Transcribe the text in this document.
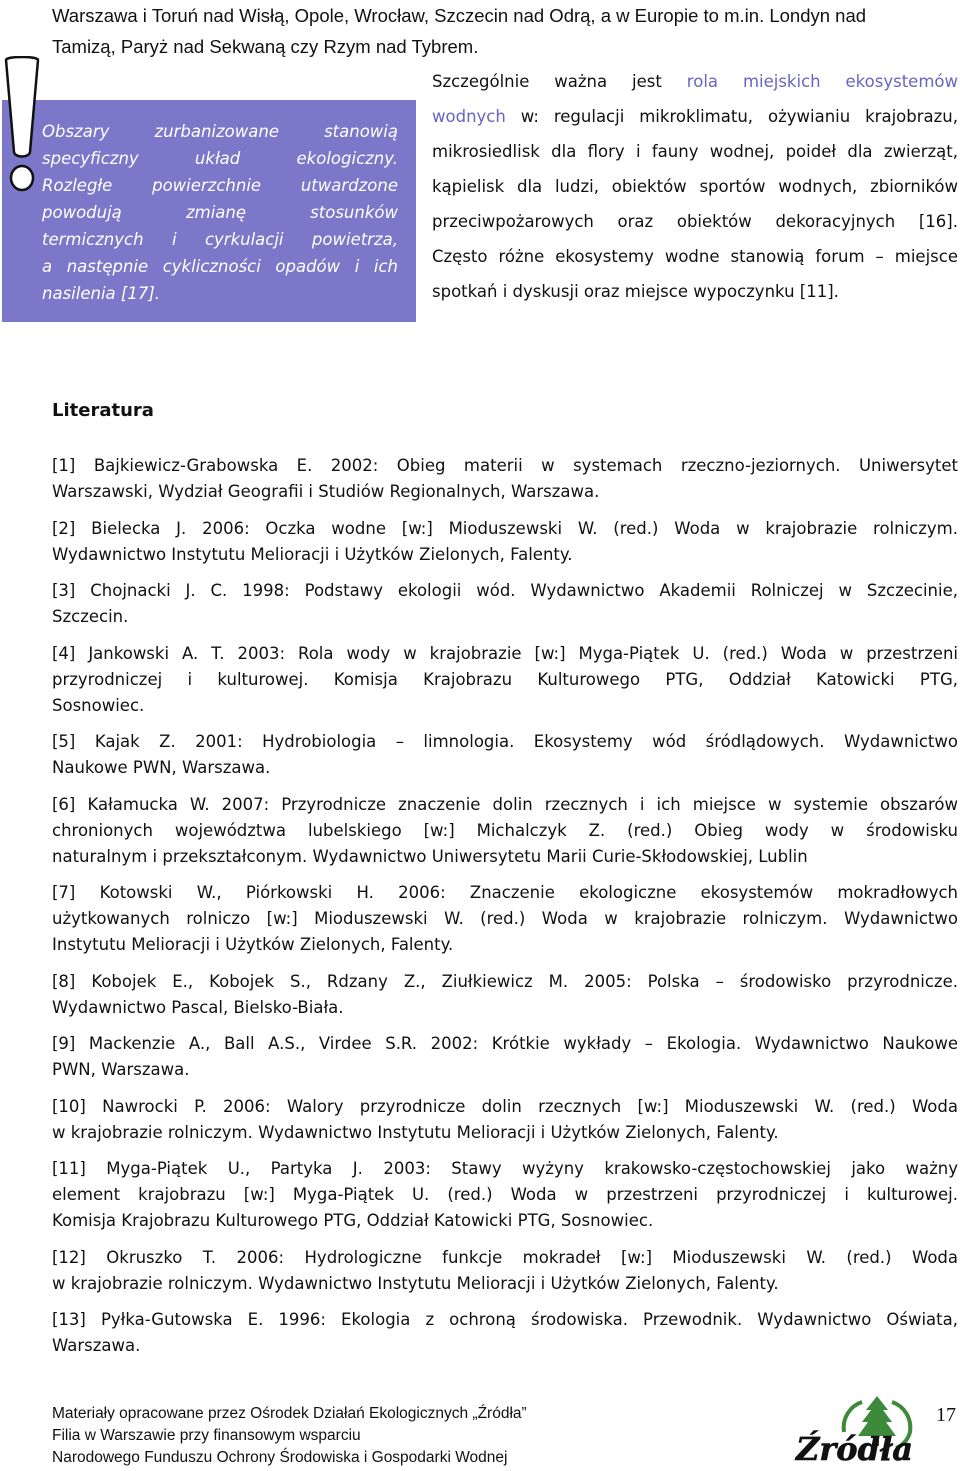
Warszawa i Toruń nad Wisłą, Opole, Wrocław, Szczecin nad Odrą, a w Europie to m.in. Londyn nad
Tamizą, Paryż nad Sekwaną czy Rzym nad Tybrem.
Obszary zurbanizowane stanowią
specyficzny układ ekologiczny.
Rozległe powierzchnie utwardzone
powodują zmianę stosunków
termicznych i cyrkulacji powietrza,
a następnie cykliczności opadów i ich
nasilenia [17].
Szczególnie ważna jest rola miejskich ekosystemów
wodnych w: regulacji mikroklimatu, ożywianiu krajobrazu,
mikrosiedlisk dla flory i fauny wodnej, poideł dla zwierząt,
kąpielisk dla ludzi, obiektów sportów wodnych, zbiorników
przeciwpożarowych oraz obiektów dekoracyjnych [16].
Często różne ekosystemy wodne stanowią forum – miejsce
spotkań i dyskusji oraz miejsce wypoczynku [11].
Literatura
[1] Bajkiewicz-Grabowska E. 2002: Obieg materii w systemach rzeczno-jeziornych. Uniwersytet
Warszawski, Wydział Geografii i Studiów Regionalnych, Warszawa.
[2] Bielecka J. 2006: Oczka wodne [w:] Mioduszewski W. (red.) Woda w krajobrazie rolniczym.
Wydawnictwo Instytutu Melioracji i Użytków Zielonych, Falenty.
[3] Chojnacki J. C. 1998: Podstawy ekologii wód. Wydawnictwo Akademii Rolniczej w Szczecinie,
Szczecin.
[4] Jankowski A. T. 2003: Rola wody w krajobrazie [w:] Myga-Piątek U. (red.) Woda w przestrzeni
przyrodniczej i kulturowej. Komisja Krajobrazu Kulturowego PTG, Oddział Katowicki PTG,
Sosnowiec.
[5] Kajak Z. 2001: Hydrobiologia – limnologia. Ekosystemy wód śródlądowych. Wydawnictwo
Naukowe PWN, Warszawa.
[6] Kałamucka W. 2007: Przyrodnicze znaczenie dolin rzecznych i ich miejsce w systemie obszarów
chronionych województwa lubelskiego [w:] Michalczyk Z. (red.) Obieg wody w środowisku
naturalnym i przekształconym. Wydawnictwo Uniwersytetu Marii Curie-Skłodowskiej, Lublin
[7] Kotowski W., Piórkowski H. 2006: Znaczenie ekologiczne ekosystemów mokradłowych
użytkowanych rolniczo [w:] Mioduszewski W. (red.) Woda w krajobrazie rolniczym. Wydawnictwo
Instytutu Melioracji i Użytków Zielonych, Falenty.
[8] Kobojek E., Kobojek S., Rdzany Z., Ziułkiewicz M. 2005: Polska – środowisko przyrodnicze.
Wydawnictwo Pascal, Bielsko-Biała.
[9] Mackenzie A., Ball A.S., Virdee S.R. 2002: Krótkie wykłady – Ekologia. Wydawnictwo Naukowe
PWN, Warszawa.
[10] Nawrocki P. 2006: Walory przyrodnicze dolin rzecznych [w:] Mioduszewski W. (red.) Woda
w krajobrazie rolniczym. Wydawnictwo Instytutu Melioracji i Użytków Zielonych, Falenty.
[11] Myga-Piątek U., Partyka J. 2003: Stawy wyżyny krakowsko-częstochowskiej jako ważny
element krajobrazu [w:] Myga-Piątek U. (red.) Woda w przestrzeni przyrodniczej i kulturowej.
Komisja Krajobrazu Kulturowego PTG, Oddział Katowicki PTG, Sosnowiec.
[12] Okruszko T. 2006: Hydrologiczne funkcje mokradeł [w:] Mioduszewski W. (red.) Woda
w krajobrazie rolniczym. Wydawnictwo Instytutu Melioracji i Użytków Zielonych, Falenty.
[13] Pyłka-Gutowska E. 1996: Ekologia z ochroną środowiska. Przewodnik. Wydawnictwo Oświata,
Warszawa.
Materiały opracowane przez Ośrodek Działań Ekologicznych „Źródła”
Filia w Warszawie przy finansowym wsparciu
Narodowego Funduszu Ochrony Środowiska i Gospodarki Wodnej	Źródła
17
